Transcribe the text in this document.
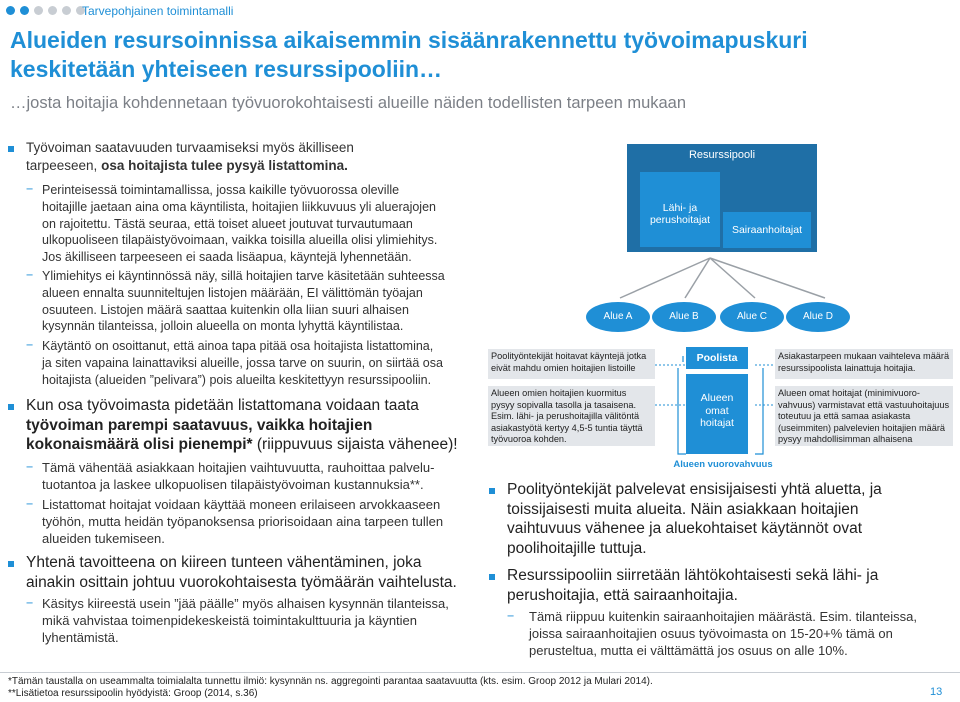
Tarvepohjainen toimintamalli
Alueiden resursoinnissa aikaisemmin sisäänrakennettu työvoimapuskuri
keskitetään yhteiseen resurssipooliin…
…josta hoitajia kohdennetaan työvuorokohtaisesti alueille näiden todellisten tarpeen mukaan
Työvoiman saatavuuden turvaamiseksi myös äkilliseen
tarpeeseen, osa hoitajista tulee pysyä listattomina.
− Perinteisessä toimintamallissa, jossa kaikille työvuorossa oleville
hoitajille jaetaan aina oma käyntilista, hoitajien liikkuvuus yli aluerajojen
on rajoitettu. Tästä seuraa, että toiset alueet joutuvat turvautumaan
ulkopuoliseen tilapäistyövoimaan, vaikka toisilla alueilla olisi ylimiehitys.
Jos äkilliseen tarpeeseen ei saada lisäapua, käyntejä lyhennetään.
− Ylimiehitys ei käyntinnössä näy, sillä hoitajien tarve käsitetään suhteessa
alueen ennalta suunniteltujen listojen määrään, EI välittömän työajan
osuuteen. Listojen määrä saattaa kuitenkin olla liian suuri alhaisen
kysynnän tilanteissa, jolloin alueella on monta lyhyttä käyntilistaa.
− Käytäntö on osoittanut, että ainoa tapa pitää osa hoitajista listattomina,
ja siten vapaina lainattaviksi alueille, jossa tarve on suurin, on siirtää osa
hoitajista (alueiden ”pelivara”) pois alueilta keskitettyyn resurssipooliin.
Kun osa työvoimasta pidetään listattomana voidaan taata
työvoiman parempi saatavuus, vaikka hoitajien
kokonaismäärä olisi pienempi* (riippuvuus sijaista vähenee)!
− Tämä vähentää asiakkaan hoitajien vaihtuvuutta, rauhoittaa palvelu-
tuotantoa ja laskee ulkopuolisen tilapäistyövoiman kustannuksia**.
− Listattomat hoitajat voidaan käyttää moneen erilaiseen arvokkaaseen
työhön, mutta heidän työpanoksensa priorisoidaan aina tarpeen tullen
alueiden tukemiseen.
Yhtenä tavoitteena on kiireen tunteen vähentäminen, joka
ainakin osittain johtuu vuorokohtaisesta työmäärän vaihtelusta.
− Käsitys kiireestä usein ”jää päälle” myös alhaisen kysynnän tilanteissa,
mikä vahvistaa toimenpidekeskeistä toimintakulttuuria ja käyntien
lyhentämistä.
Resurssipooli
Lähi- ja perushoitajat
Sairaanhoitajat
Alue A	Alue B	Alue C	Alue D
Poolityöntekijät hoitavat käyntejä jotka eivät mahdu omien hoitajien listoille
Alueen omien hoitajien kuormitus pysyy sopivalla tasolla ja tasaisena. Esim. lähi- ja perushoitajilla välitöntä asiakastyötä kertyy 4,5-5 tuntia täyttä työvuoroa kohden.
Poolista
Alueen omat hoitajat
Alueen vuorovahvuus
Asiakastarpeen mukaan vaihteleva määrä resurssipoolista lainattuja hoitajia.
Alueen omat hoitajat (minimivuoro-vahvuus) varmistavat että vastuuhoitajuus toteutuu ja että samaa asiakasta (useimmiten) palvelevien hoitajien määrä pysyy mahdollisimman alhaisena
Poolityöntekijät palvelevat ensisijaisesti yhtä aluetta, ja
toissijaisesti muita alueita. Näin asiakkaan hoitajien
vaihtuvuus vähenee ja aluekohtaiset käytännöt ovat
poolihoitajille tuttuja.
Resurssipooliin siirretään lähtökohtaisesti sekä lähi- ja
perushoitajia, että sairaanhoitajia.
− Tämä riippuu kuitenkin sairaanhoitajien määrästä. Esim. tilanteissa,
joissa sairaanhoitajien osuus työvoimasta on 15-20+% tämä on
perusteltua, mutta ei välttämättä jos osuus on alle 10%.
*Tämän taustalla on useammalta toimialalta tunnettu ilmiö: kysynnän ns. aggregointi parantaa saatavuutta (kts. esim. Groop 2012 ja Mulari 2014).
**Lisätietoa resurssipoolin hyödyistä: Groop (2014, s.36)	13
